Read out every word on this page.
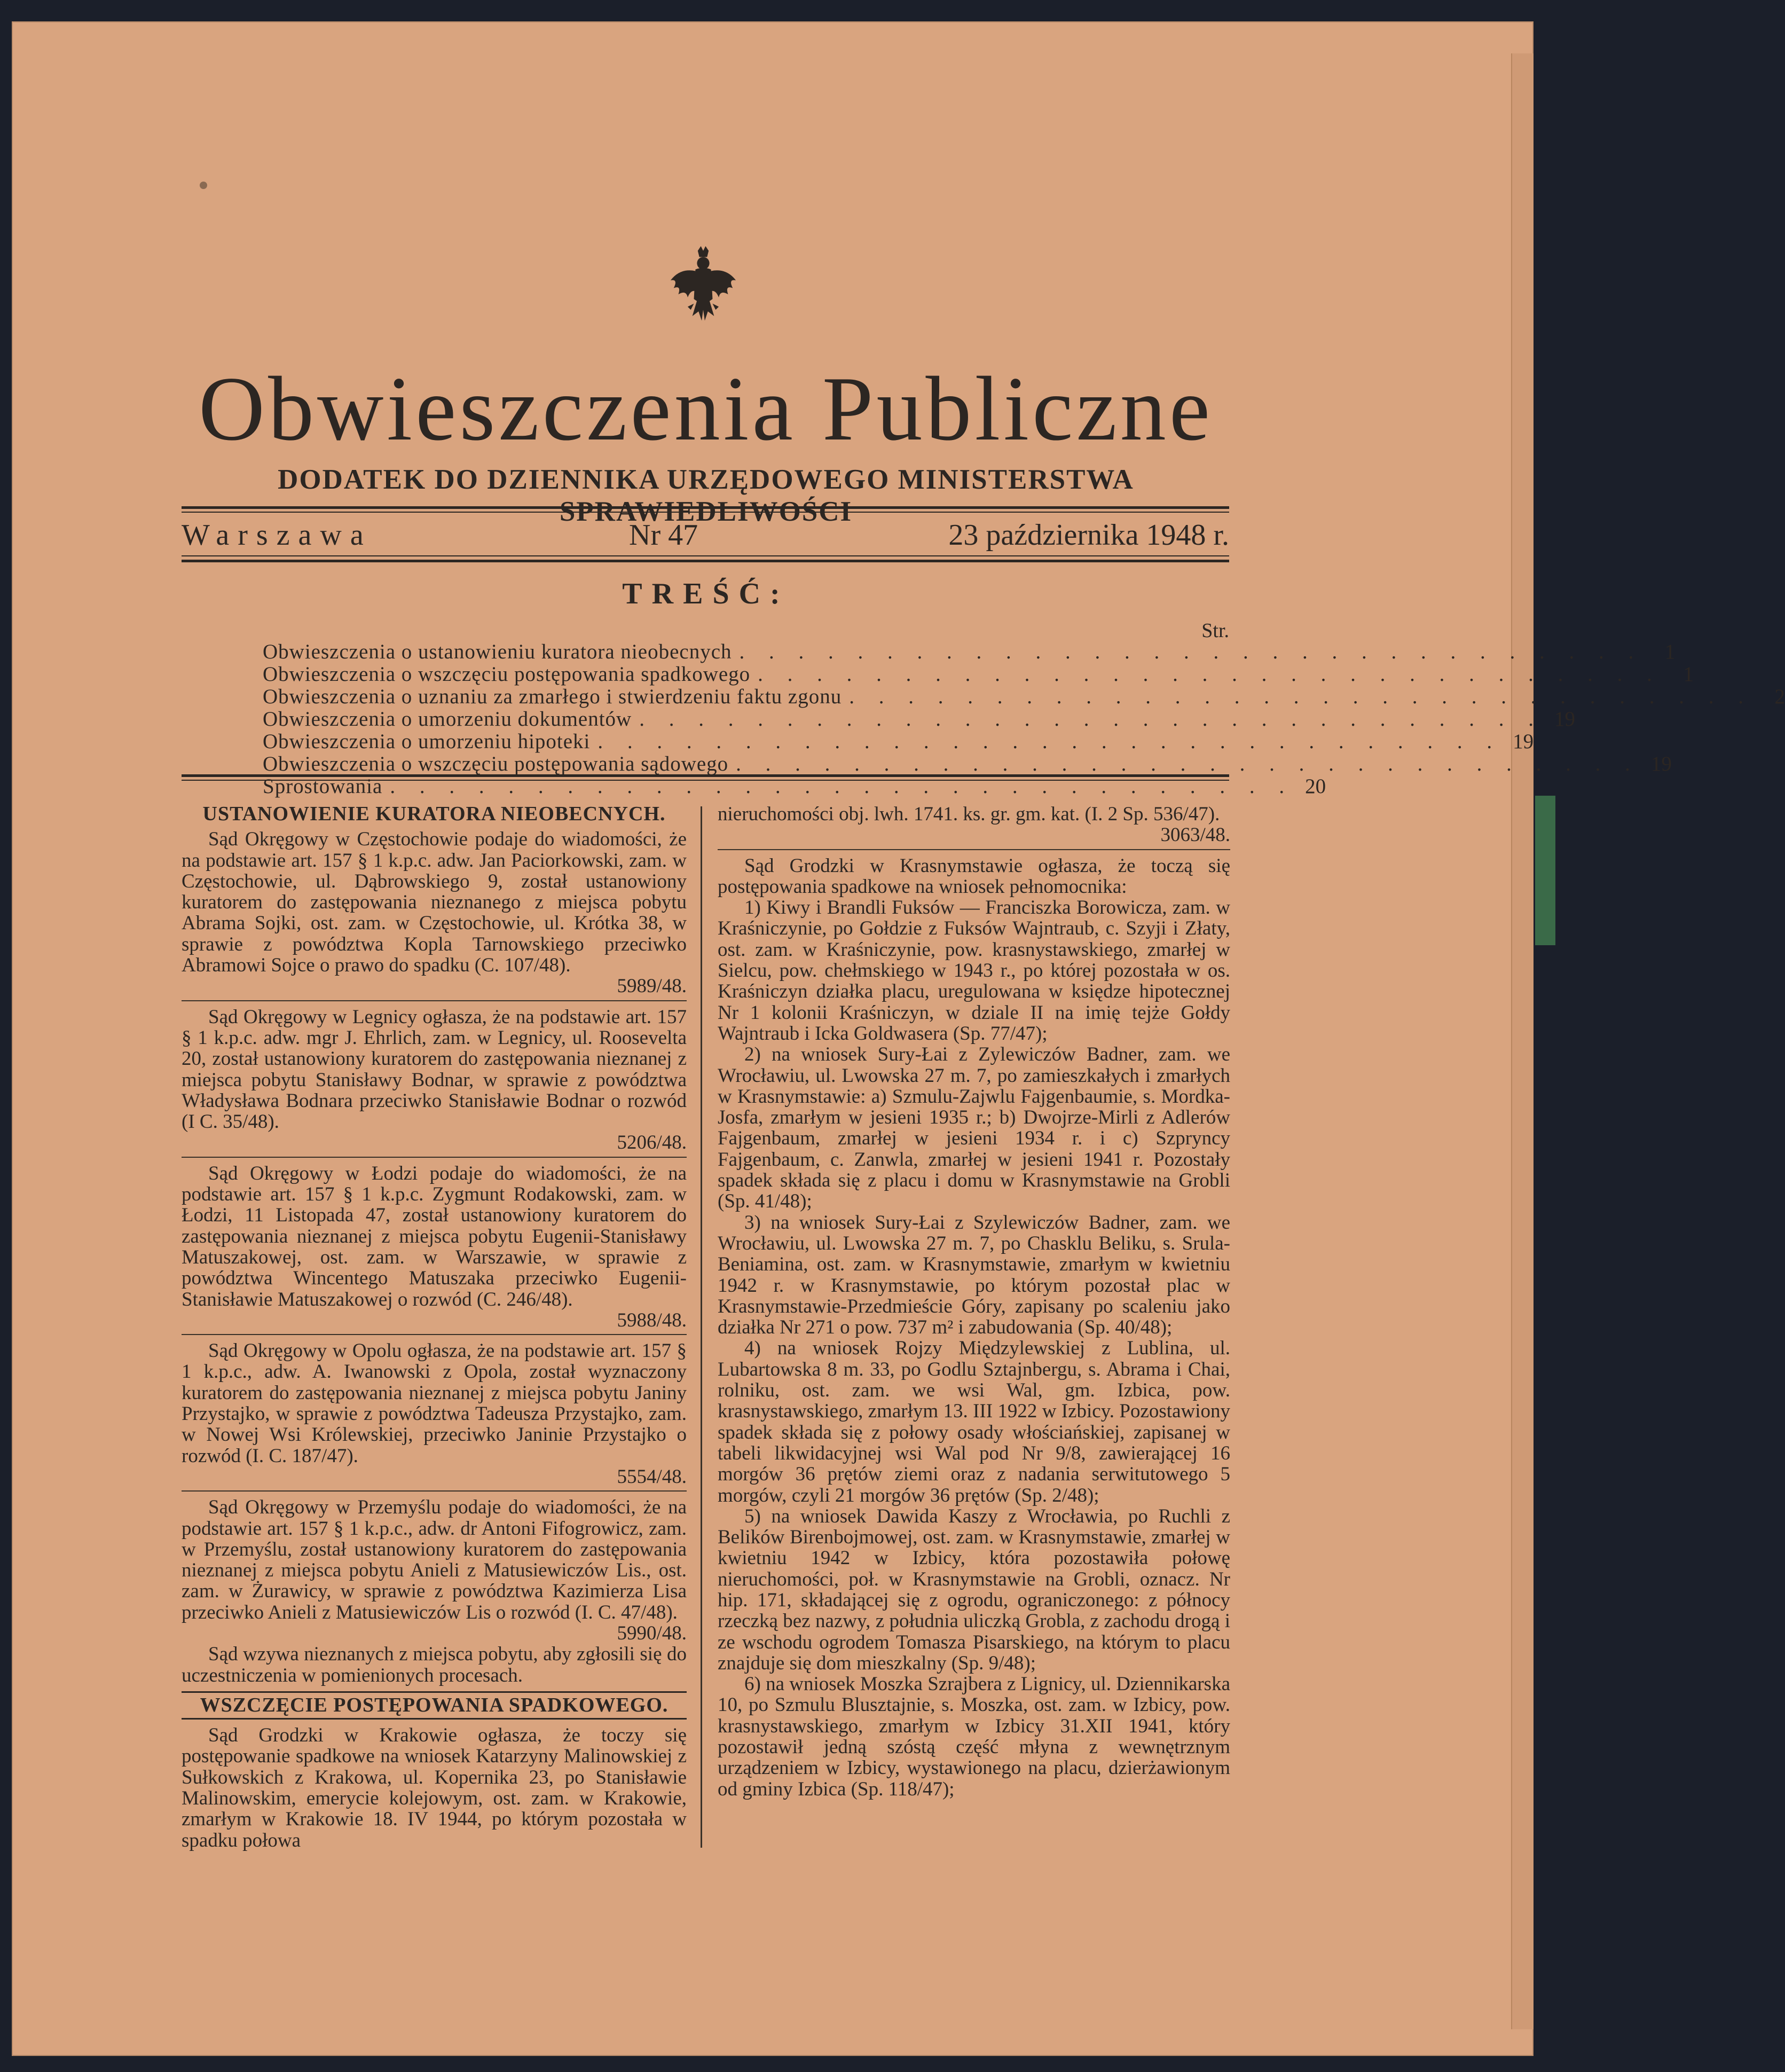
Obwieszczenia Publiczne
DODATEK DO DZIENNIKA URZĘDOWEGO MINISTERSTWA SPRAWIEDLIWOŚCI
Warszawa	Nr 47	23 października 1948 r.
TREŚĆ:
Str.
Obwieszczenia o ustanowieniu kuratora nieobecnych . . . . . . . . . . . . . . . . . . . . . . . . . . . . . . .	1
Obwieszczenia o wszczęciu postępowania spadkowego . . . . . . . . . . . . . . . . . . . . . . . . . . . . . . .	1
Obwieszczenia o uznaniu za zmarłego i stwierdzeniu faktu zgonu . . . . . . . . . . . . . . . . . . . . . . . . . . . . . . .	2
Obwieszczenia o umorzeniu dokumentów . . . . . . . . . . . . . . . . . . . . . . . . . . . . . . . 19
Obwieszczenia o umorzeniu hipoteki . . . . . . . . . . . . . . . . . . . . . . . . . . . . . . . 19
Obwieszczenia o wszczęciu postępowania sądowego . . . . . . . . . . . . . . . . . . . . . . . . . . . . . . . 19
Sprostowania . . . . . . . . . . . . . . . . . . . . . . . . . . . . . . . 20
USTANOWIENIE KURATORA NIEOBECNYCH.

Sąd Okręgowy w Częstochowie podaje do wiadomości, że na podstawie art. 157 § 1 k.p.c. adw. Jan Paciorkowski, zam. w Częstochowie, ul. Dąbrowskiego 9, został ustanowiony kuratorem do zastępowania nieznanego z miejsca pobytu Abrama Sojki, ost. zam. w Częstochowie, ul. Krótka 38, w sprawie z powództwa Kopla Tarnowskiego przeciwko Abramowi Sojce o prawo do spadku (C. 107/48).

5989/48.

Sąd Okręgowy w Legnicy ogłasza, że na podstawie art. 157 § 1 k.p.c. adw. mgr J. Ehrlich, zam. w Legnicy, ul. Roosevelta 20, został ustanowiony kuratorem do zastępowania nieznanej z miejsca pobytu Stanisławy Bodnar, w sprawie z powództwa Władysława Bodnara przeciwko Stanisławie Bodnar o rozwód (I C. 35/48).

5206/48.

Sąd Okręgowy w Łodzi podaje do wiadomości, że na podstawie art. 157 § 1 k.p.c. Zygmunt Rodakowski, zam. w Łodzi, 11 Listopada 47, został ustanowiony kuratorem do zastępowania nieznanej z miejsca pobytu Eugenii-Stanisławy Matuszakowej, ost. zam. w Warszawie, w sprawie z powództwa Wincentego Matuszaka przeciwko Eugenii-Stanisławie Matuszakowej o rozwód (C. 246/48).

5988/48.

Sąd Okręgowy w Opolu ogłasza, że na podstawie art. 157 § 1 k.p.c., adw. A. Iwanowski z Opola, został wyznaczony kuratorem do zastępowania nieznanej z miejsca pobytu Janiny Przystajko, w sprawie z powództwa Tadeusza Przystajko, zam. w Nowej Wsi Królewskiej, przeciwko Janinie Przystajko o rozwód (I. C. 187/47).

5554/48.

Sąd Okręgowy w Przemyślu podaje do wiadomości, że na podstawie art. 157 § 1 k.p.c., adw. dr Antoni Fifogrowicz, zam. w Przemyślu, został ustanowiony kuratorem do zastępowania nieznanej z miejsca pobytu Anieli z Matusiewiczów Lis., ost. zam. w Żurawicy, w sprawie z powództwa Kazimierza Lisa przeciwko Anieli z Matusiewiczów Lis o rozwód (I. C. 47/48).

5990/48.

Sąd wzywa nieznanych z miejsca pobytu, aby zgłosili się do uczestniczenia w pomienionych procesach.

WSZCZĘCIE POSTĘPOWANIA SPADKOWEGO.

Sąd Grodzki w Krakowie ogłasza, że toczy się postępowanie spadkowe na wniosek Katarzyny Malinowskiej z Sułkowskich z Krakowa, ul. Kopernika 23, po Stanisławie Malinowskim, emerycie kolejowym, ost. zam. w Krakowie, zmarłym w Krakowie 18. IV 1944, po którym pozostała w spadku połowa

nieruchomości obj. lwh. 1741. ks. gr. gm. kat. (I. 2 Sp. 536/47).

3063/48.

Sąd Grodzki w Krasnymstawie ogłasza, że toczą się postępowania spadkowe na wniosek pełnomocnika:

1) Kiwy i Brandli Fuksów — Franciszka Borowicza, zam. w Kraśniczynie, po Gołdzie z Fuksów Wajntraub, c. Szyji i Złaty, ost. zam. w Kraśniczynie, pow. krasnystawskiego, zmarłej w Sielcu, pow. chełmskiego w 1943 r., po której pozostała w os. Kraśniczyn działka placu, uregulowana w księdze hipotecznej Nr 1 kolonii Kraśniczyn, w dziale II na imię tejże Gołdy Wajntraub i Icka Goldwasera (Sp. 77/47);

2) na wniosek Sury-Łai z Zylewiczów Badner, zam. we Wrocławiu, ul. Lwowska 27 m. 7, po zamieszkałych i zmarłych w Krasnymstawie: a) Szmulu-Zajwlu Fajgenbaumie, s. Mordka-Josfa, zmarłym w jesieni 1935 r.; b) Dwojrze-Mirli z Adlerów Fajgenbaum, zmarłej w jesieni 1934 r. i c) Szpryncy Fajgenbaum, c. Zanwla, zmarłej w jesieni 1941 r. Pozostały spadek składa się z placu i domu w Krasnymstawie na Grobli (Sp. 41/48);

3) na wniosek Sury-Łai z Szylewiczów Badner, zam. we Wrocławiu, ul. Lwowska 27 m. 7, po Chasklu Beliku, s. Srula-Beniamina, ost. zam. w Krasnymstawie, zmarłym w kwietniu 1942 r. w Krasnymstawie, po którym pozostał plac w Krasnymstawie-Przedmieście Góry, zapisany po scaleniu jako działka Nr 271 o pow. 737 m² i zabudowania (Sp. 40/48);

4) na wniosek Rojzy Międzylewskiej z Lublina, ul. Lubartowska 8 m. 33, po Godlu Sztajnbergu, s. Abrama i Chai, rolniku, ost. zam. we wsi Wal, gm. Izbica, pow. krasnystawskiego, zmarłym 13. III 1922 w Izbicy. Pozostawiony spadek składa się z połowy osady włościańskiej, zapisanej w tabeli likwidacyjnej wsi Wal pod Nr 9/8, zawierającej 16 morgów 36 prętów ziemi oraz z nadania serwitutowego 5 morgów, czyli 21 morgów 36 prętów (Sp. 2/48);

5) na wniosek Dawida Kaszy z Wrocławia, po Ruchli z Belików Birenbojmowej, ost. zam. w Krasnymstawie, zmarłej w kwietniu 1942 w Izbicy, która pozostawiła połowę nieruchomości, poł. w Krasnymstawie na Grobli, oznacz. Nr hip. 171, składającej się z ogrodu, ograniczonego: z północy rzeczką bez nazwy, z południa uliczką Grobla, z zachodu drogą i ze wschodu ogrodem Tomasza Pisarskiego, na którym to placu znajduje się dom mieszkalny (Sp. 9/48);

6) na wniosek Moszka Szrajbera z Lignicy, ul. Dziennikarska 10, po Szmulu Blusztajnie, s. Moszka, ost. zam. w Izbicy, pow. krasnystawskiego, zmarłym w Izbicy 31.XII 1941, który pozostawił jedną szóstą część młyna z wewnętrznym urządzeniem w Izbicy, wystawionego na placu, dzierżawionym od gminy Izbica (Sp. 118/47);
